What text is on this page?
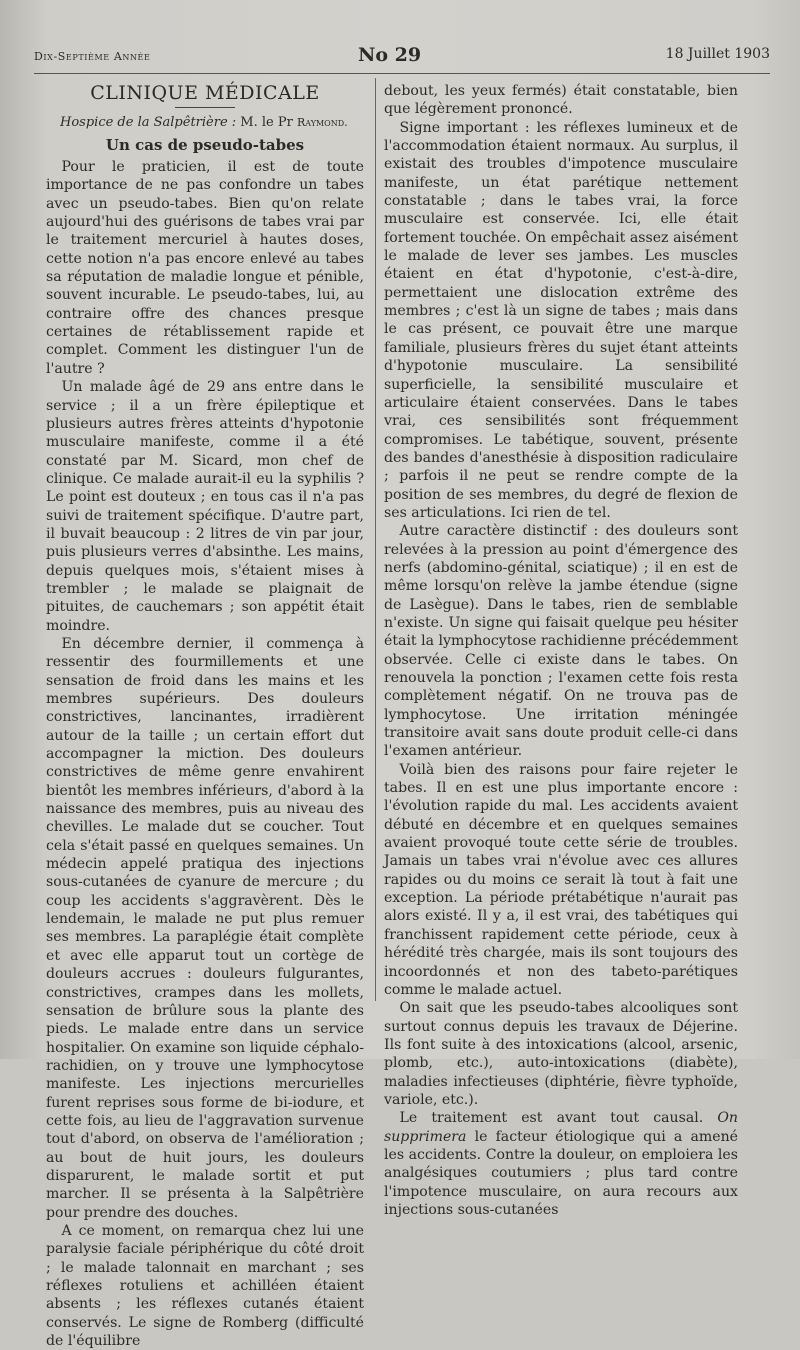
Dix-Septième Année	No 29	18 Juillet 1903
CLINIQUE MÉDICALE
Hospice de la Salpêtrière : M. le Pr Raymond.
Un cas de pseudo-tabes

Pour le praticien, il est de toute importance de ne pas confondre un tabes avec un pseudo-tabes. Bien qu'on relate aujourd'hui des guérisons de tabes vrai par le traitement mercuriel à hautes doses, cette notion n'a pas encore enlevé au tabes sa réputation de maladie longue et pénible, souvent incurable. Le pseudo-tabes, lui, au contraire offre des chances presque certaines de rétablissement rapide et complet. Comment les distinguer l'un de l'autre ?

Un malade âgé de 29 ans entre dans le service ; il a un frère épileptique et plusieurs autres frères atteints d'hypotonie musculaire manifeste, comme il a été constaté par M. Sicard, mon chef de clinique. Ce malade aurait-il eu la syphilis ? Le point est douteux ; en tous cas il n'a pas suivi de traitement spécifique. D'autre part, il buvait beaucoup : 2 litres de vin par jour, puis plusieurs verres d'absinthe. Les mains, depuis quelques mois, s'étaient mises à trembler ; le malade se plaignait de pituites, de cauchemars ; son appétit était moindre.

En décembre dernier, il commença à ressentir des fourmillements et une sensation de froid dans les mains et les membres supérieurs. Des douleurs constrictives, lancinantes, irradièrent autour de la taille ; un certain effort dut accompagner la miction. Des douleurs constrictives de même genre envahirent bientôt les membres inférieurs, d'abord à la naissance des membres, puis au niveau des chevilles. Le malade dut se coucher. Tout cela s'était passé en quelques semaines. Un médecin appelé pratiqua des injections sous-cutanées de cyanure de mercure ; du coup les accidents s'aggravèrent. Dès le lendemain, le malade ne put plus remuer ses membres. La paraplégie était complète et avec elle apparut tout un cortège de douleurs accrues : douleurs fulgurantes, constrictives, crampes dans les mollets, sensation de brûlure sous la plante des pieds. Le malade entre dans un service hospitalier. On examine son liquide céphalo-rachidien, on y trouve une lymphocytose manifeste. Les injections mercurielles furent reprises sous forme de bi-iodure, et cette fois, au lieu de l'aggravation survenue tout d'abord, on observa de l'amélioration ; au bout de huit jours, les douleurs disparurent, le malade sortit et put marcher. Il se présenta à la Salpêtrière pour prendre des douches.

A ce moment, on remarqua chez lui une paralysie faciale périphérique du côté droit ; le malade talonnait en marchant ; ses réflexes rotuliens et achilléen étaient absents ; les réflexes cutanés étaient conservés. Le signe de Romberg (difficulté de l'équilibre

debout, les yeux fermés) était constatable, bien que légèrement prononcé.

Signe important : les réflexes lumineux et de l'accommodation étaient normaux. Au surplus, il existait des troubles d'impotence musculaire manifeste, un état parétique nettement constatable ; dans le tabes vrai, la force musculaire est conservée. Ici, elle était fortement touchée. On empêchait assez aisément le malade de lever ses jambes. Les muscles étaient en état d'hypotonie, c'est-à-dire, permettaient une dislocation extrême des membres ; c'est là un signe de tabes ; mais dans le cas présent, ce pouvait être une marque familiale, plusieurs frères du sujet étant atteints d'hypotonie musculaire. La sensibilité superficielle, la sensibilité musculaire et articulaire étaient conservées. Dans le tabes vrai, ces sensibilités sont fréquemment compromises. Le tabétique, souvent, présente des bandes d'anesthésie à disposition radiculaire ; parfois il ne peut se rendre compte de la position de ses membres, du degré de flexion de ses articulations. Ici rien de tel.

Autre caractère distinctif : des douleurs sont relevées à la pression au point d'émergence des nerfs (abdomino-génital, sciatique) ; il en est de même lorsqu'on relève la jambe étendue (signe de Lasègue). Dans le tabes, rien de semblable n'existe. Un signe qui faisait quelque peu hésiter était la lymphocytose rachidienne précédemment observée. Celle ci existe dans le tabes. On renouvela la ponction ; l'examen cette fois resta complètement négatif. On ne trouva pas de lymphocytose. Une irritation méningée transitoire avait sans doute produit celle-ci dans l'examen antérieur.

Voilà bien des raisons pour faire rejeter le tabes. Il en est une plus importante encore : l'évolution rapide du mal. Les accidents avaient débuté en décembre et en quelques semaines avaient provoqué toute cette série de troubles. Jamais un tabes vrai n'évolue avec ces allures rapides ou du moins ce serait là tout à fait une exception. La période prétabétique n'aurait pas alors existé. Il y a, il est vrai, des tabétiques qui franchissent rapidement cette période, ceux à hérédité très chargée, mais ils sont toujours des incoordonnés et non des tabeto-parétiques comme le malade actuel.

On sait que les pseudo-tabes alcooliques sont surtout connus depuis les travaux de Déjerine. Ils font suite à des intoxications (alcool, arsenic, plomb, etc.), auto-intoxications (diabète), maladies infectieuses (diphtérie, fièvre typhoïde, variole, etc.).

Le traitement est avant tout causal. On supprimera le facteur étiologique qui a amené les accidents. Contre la douleur, on emploiera les analgésiques coutumiers ; plus tard contre l'impotence musculaire, on aura recours aux injections sous-cutanées
